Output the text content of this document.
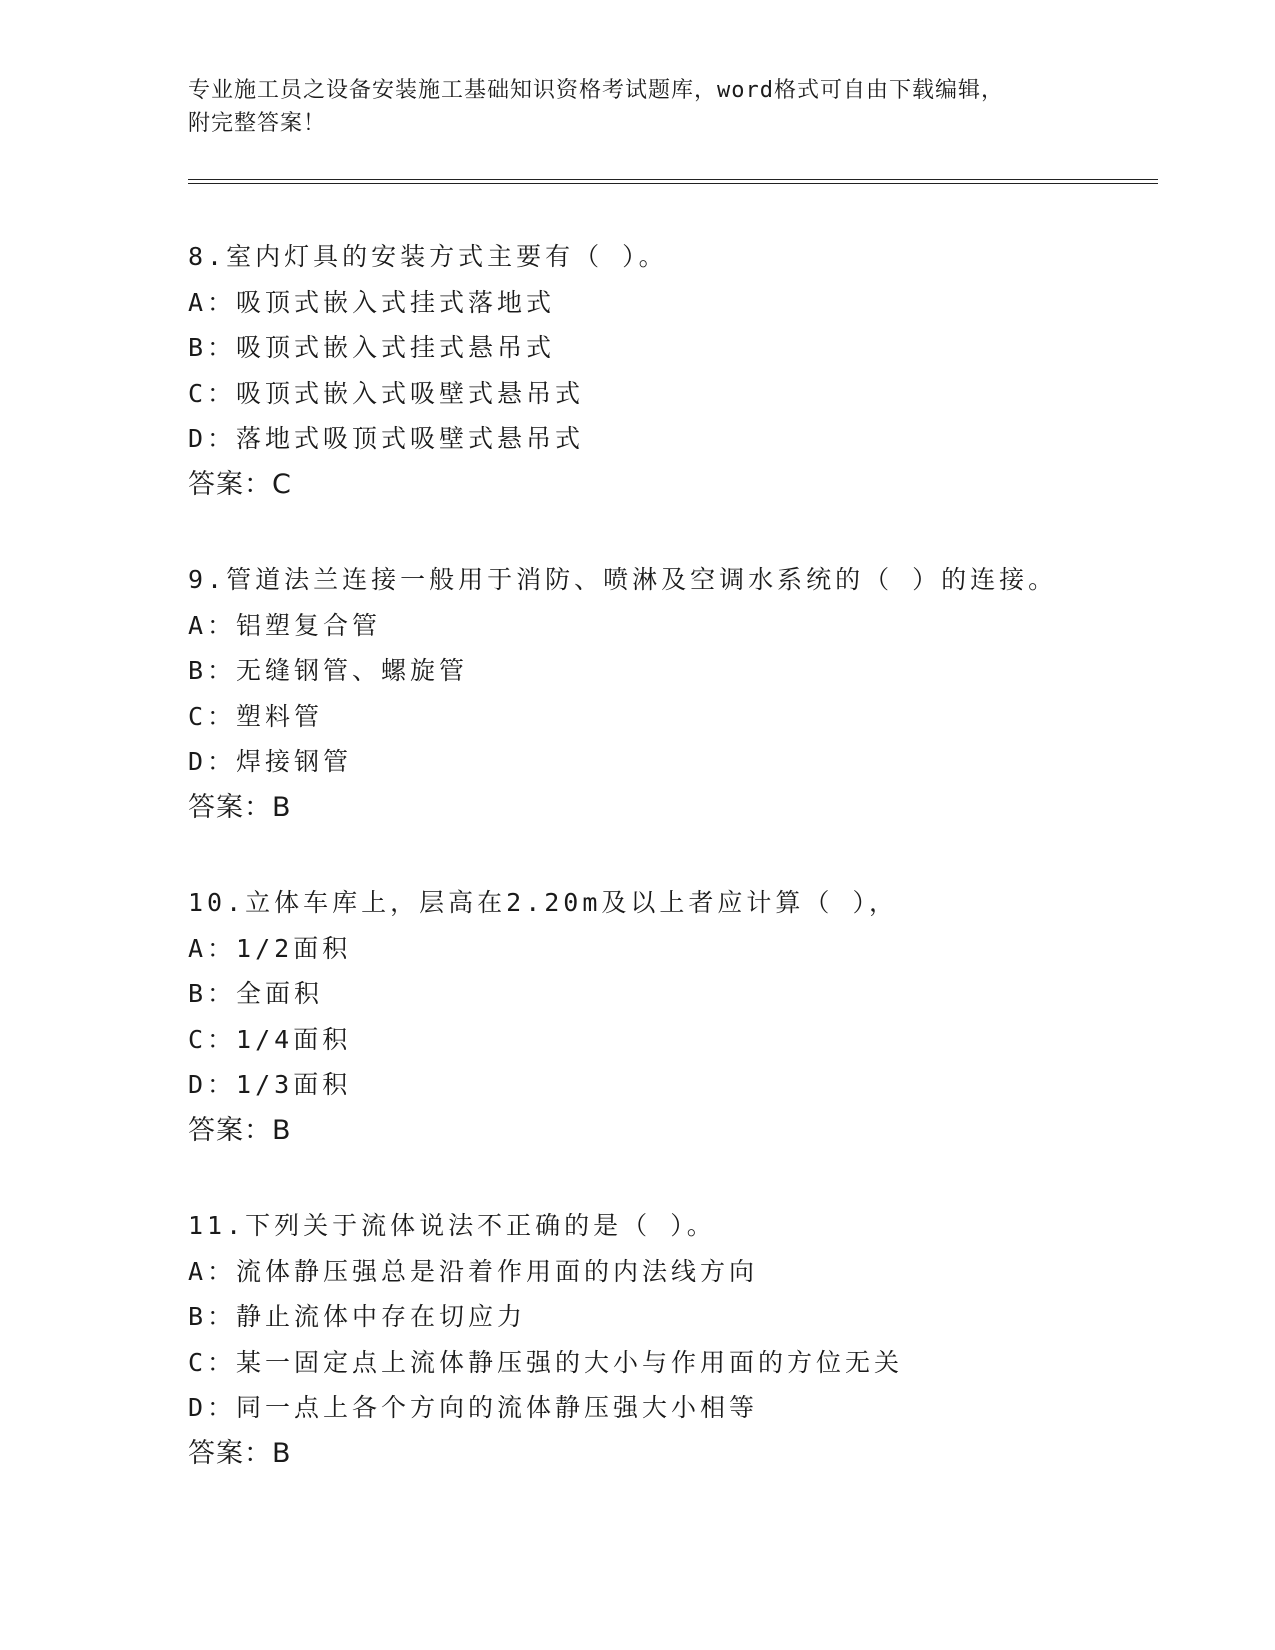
专业施工员之设备安装施工基础知识资格考试题库，word格式可自由下载编辑，
附完整答案！
8.室内灯具的安装方式主要有（ ）。
A：吸顶式嵌入式挂式落地式
B：吸顶式嵌入式挂式悬吊式
C：吸顶式嵌入式吸壁式悬吊式
D：落地式吸顶式吸壁式悬吊式
答案：C
9.管道法兰连接一般用于消防、喷淋及空调水系统的（ ）的连接。
A：铝塑复合管
B：无缝钢管、螺旋管
C：塑料管
D：焊接钢管
答案：B
10.立体车库上，层高在2.20m及以上者应计算（ ），
A：1/2面积
B：全面积
C：1/4面积
D：1/3面积
答案：B
11.下列关于流体说法不正确的是（ ）。
A：流体静压强总是沿着作用面的内法线方向
B：静止流体中存在切应力
C：某一固定点上流体静压强的大小与作用面的方位无关
D：同一点上各个方向的流体静压强大小相等
答案：B
